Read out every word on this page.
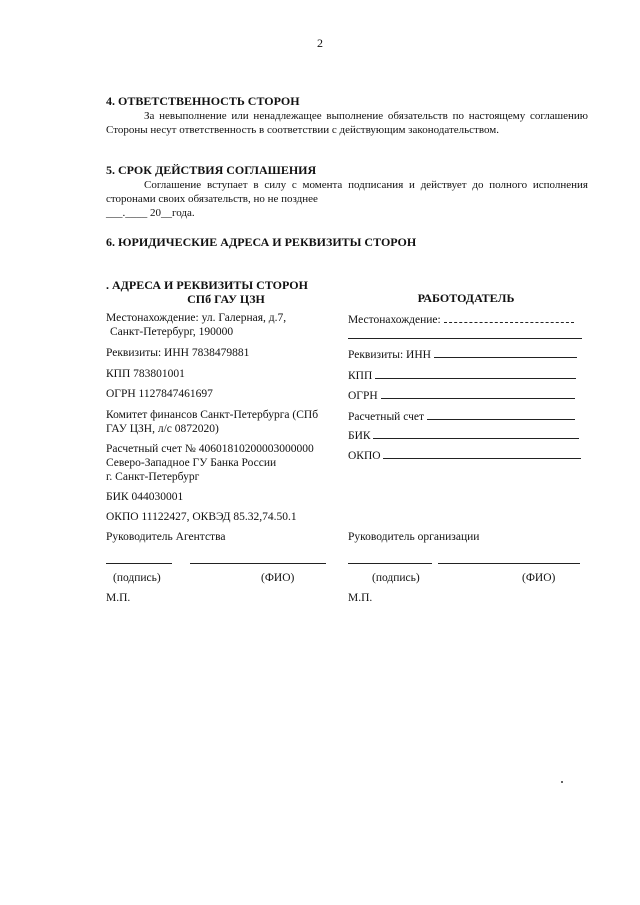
2
4. ОТВЕТСТВЕННОСТЬ СТОРОН
За невыполнение или ненадлежащее выполнение обязательств по настоящему соглашению Стороны несут ответственность в соответствии с действующим законодательством.
5. СРОК ДЕЙСТВИЯ СОГЛАШЕНИЯ
Соглашение вступает в силу с момента подписания и действует до полного исполнения сторонами своих обязательств, но не позднее
___.____ 20__года.
6. ЮРИДИЧЕСКИЕ АДРЕСА И РЕКВИЗИТЫ СТОРОН
. АДРЕСА И РЕКВИЗИТЫ СТОРОН
СПб ГАУ ЦЗН
Местонахождение: ул. Галерная, д.7,
Санкт-Петербург, 190000
Реквизиты: ИНН 7838479881
КПП 783801001
ОГРН 1127847461697
Комитет финансов Санкт-Петербурга (СПб
ГАУ ЦЗН, л/с 0872020)
Расчетный счет № 40601810200003000000
Северо-Западное ГУ Банка России
г. Санкт-Петербург
БИК 044030001
ОКПО 11122427, ОКВЭД 85.32,74.50.1
Руководитель Агентства
(подпись)	(ФИО)
М.П.
РАБОТОДАТЕЛЬ
Местонахождение:
Реквизиты: ИНН
КПП
ОГРН
Расчетный счет
БИК
ОКПО
Руководитель организации
(подпись)	(ФИО)
М.П.
